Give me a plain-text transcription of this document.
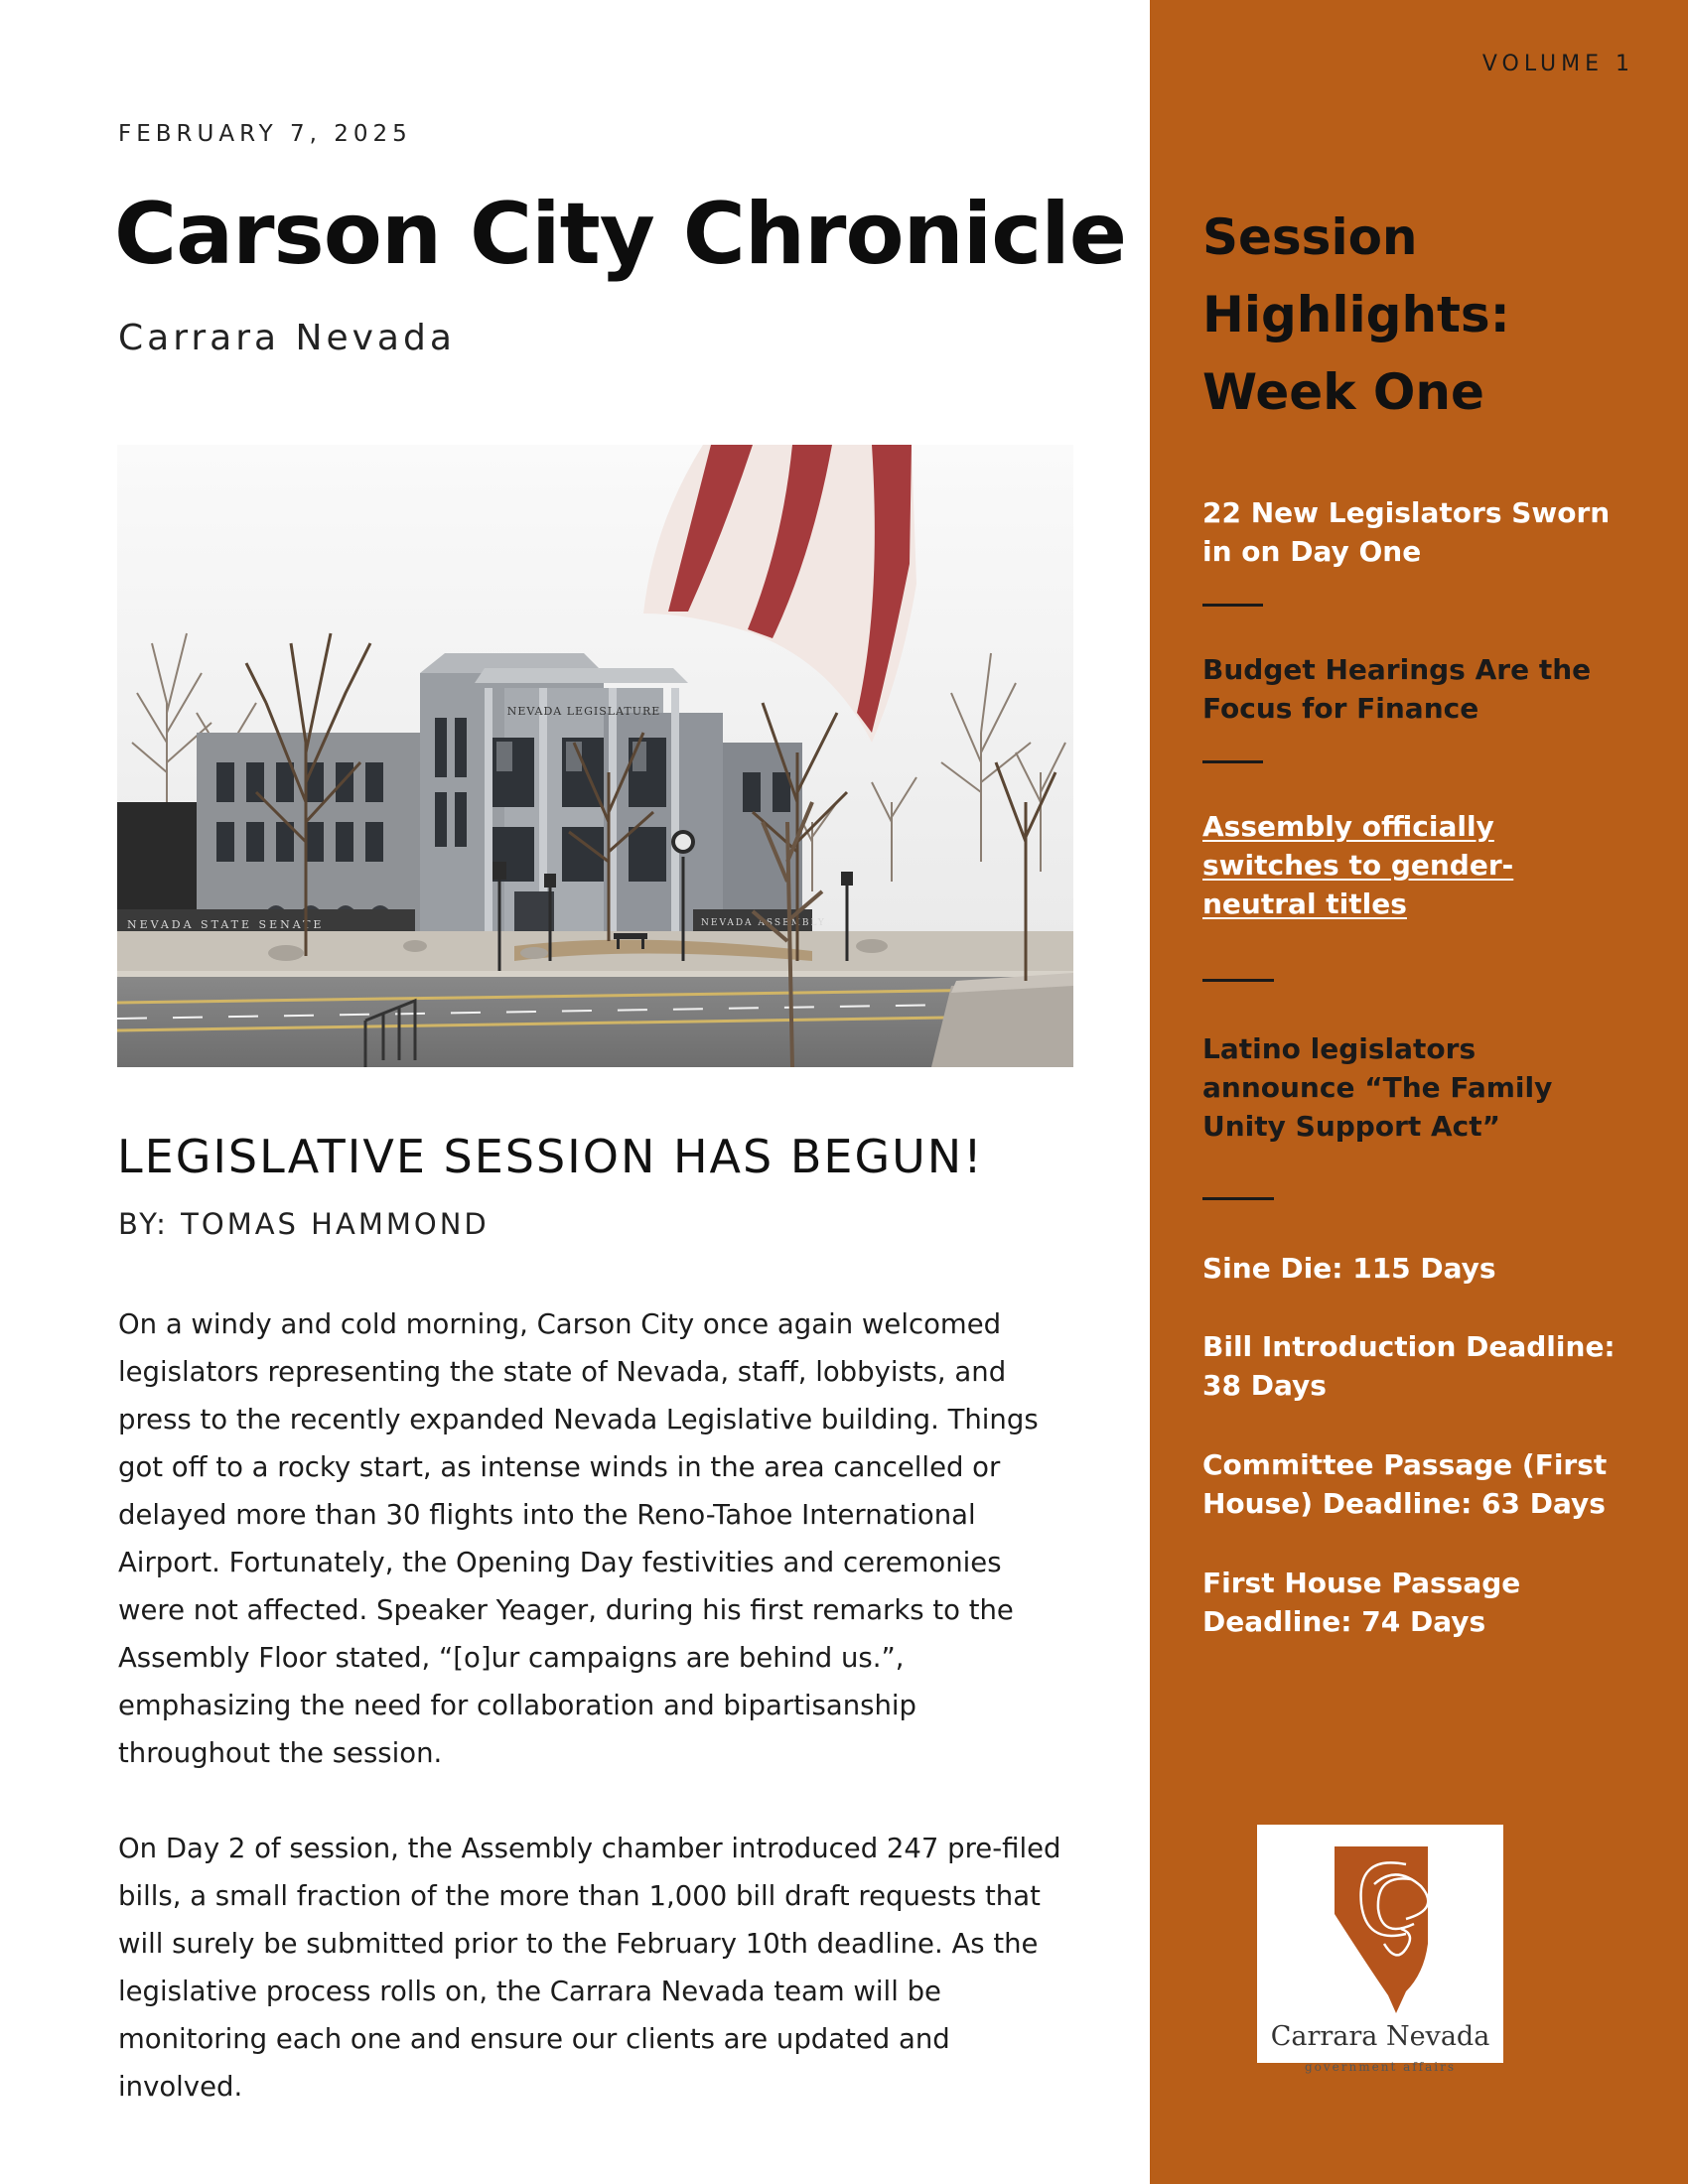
FEBRUARY 7, 2025
Carson City Chronicle
Carrara Nevada
NEVADA LEGISLATURE
NEVADA STATE SENATE	NEVADA ASSEMBLY
LEGISLATIVE SESSION HAS BEGUN!
BY: TOMAS HAMMOND

On a windy and cold morning, Carson City once again welcomed legislators representing the state of Nevada, staff, lobbyists, and press to the recently expanded Nevada Legislative building. Things got off to a rocky start, as intense winds in the area cancelled or delayed more than 30 flights into the Reno-Tahoe International Airport. Fortunately, the Opening Day festivities and ceremonies were not affected. Speaker Yeager, during his first remarks to the Assembly Floor stated, “[o]ur campaigns are behind us.”, emphasizing the need for collaboration and bipartisanship throughout the session.

On Day 2 of session, the Assembly chamber introduced 247 pre-filed bills, a small fraction of the more than 1,000 bill draft requests that will surely be submitted prior to the February 10th deadline. As the legislative process rolls on, the Carrara Nevada team will be monitoring each one and ensure our clients are updated and involved.

VOLUME 1
Session Highlights: Week One
22 New Legislators Sworn in on Day One
Budget Hearings Are the Focus for Finance
Assembly officially switches to gender-neutral titles
Latino legislators announce “The Family Unity Support Act”
Sine Die: 115 Days
Bill Introduction Deadline: 38 Days
Committee Passage (First House) Deadline: 63 Days
First House Passage Deadline: 74 Days
Carrara Nevada
government affairs
